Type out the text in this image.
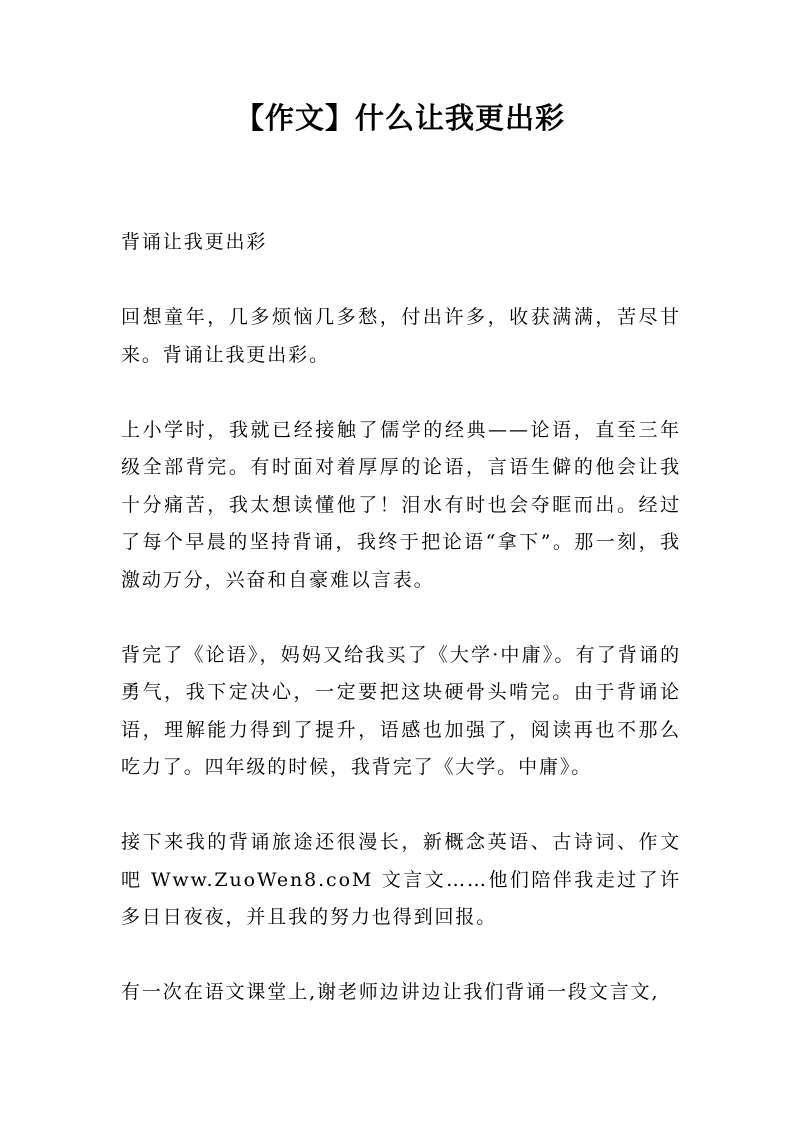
【作文】什么让我更出彩

背诵让我更出彩

回想童年，几多烦恼几多愁，付出许多，收获满满，苦尽甘来。背诵让我更出彩。

上小学时，我就已经接触了儒学的经典——论语，直至三年级全部背完。有时面对着厚厚的论语，言语生僻的他会让我十分痛苦，我太想读懂他了！泪水有时也会夺眶而出。经过了每个早晨的坚持背诵，我终于把论语“拿下”。那一刻，我激动万分，兴奋和自豪难以言表。

背完了《论语》，妈妈又给我买了《大学·中庸》。有了背诵的勇气，我下定决心，一定要把这块硬骨头啃完。由于背诵论语，理解能力得到了提升，语感也加强了，阅读再也不那么吃力了。四年级的时候，我背完了《大学。中庸》。

接下来我的背诵旅途还很漫长，新概念英语、古诗词、作文 吧 Www.ZuoWen8.coM 文言文……他们陪伴我走过了许多日日夜夜，并且我的努力也得到回报。

有一次在语文课堂上,谢老师边讲边让我们背诵一段文言文,
